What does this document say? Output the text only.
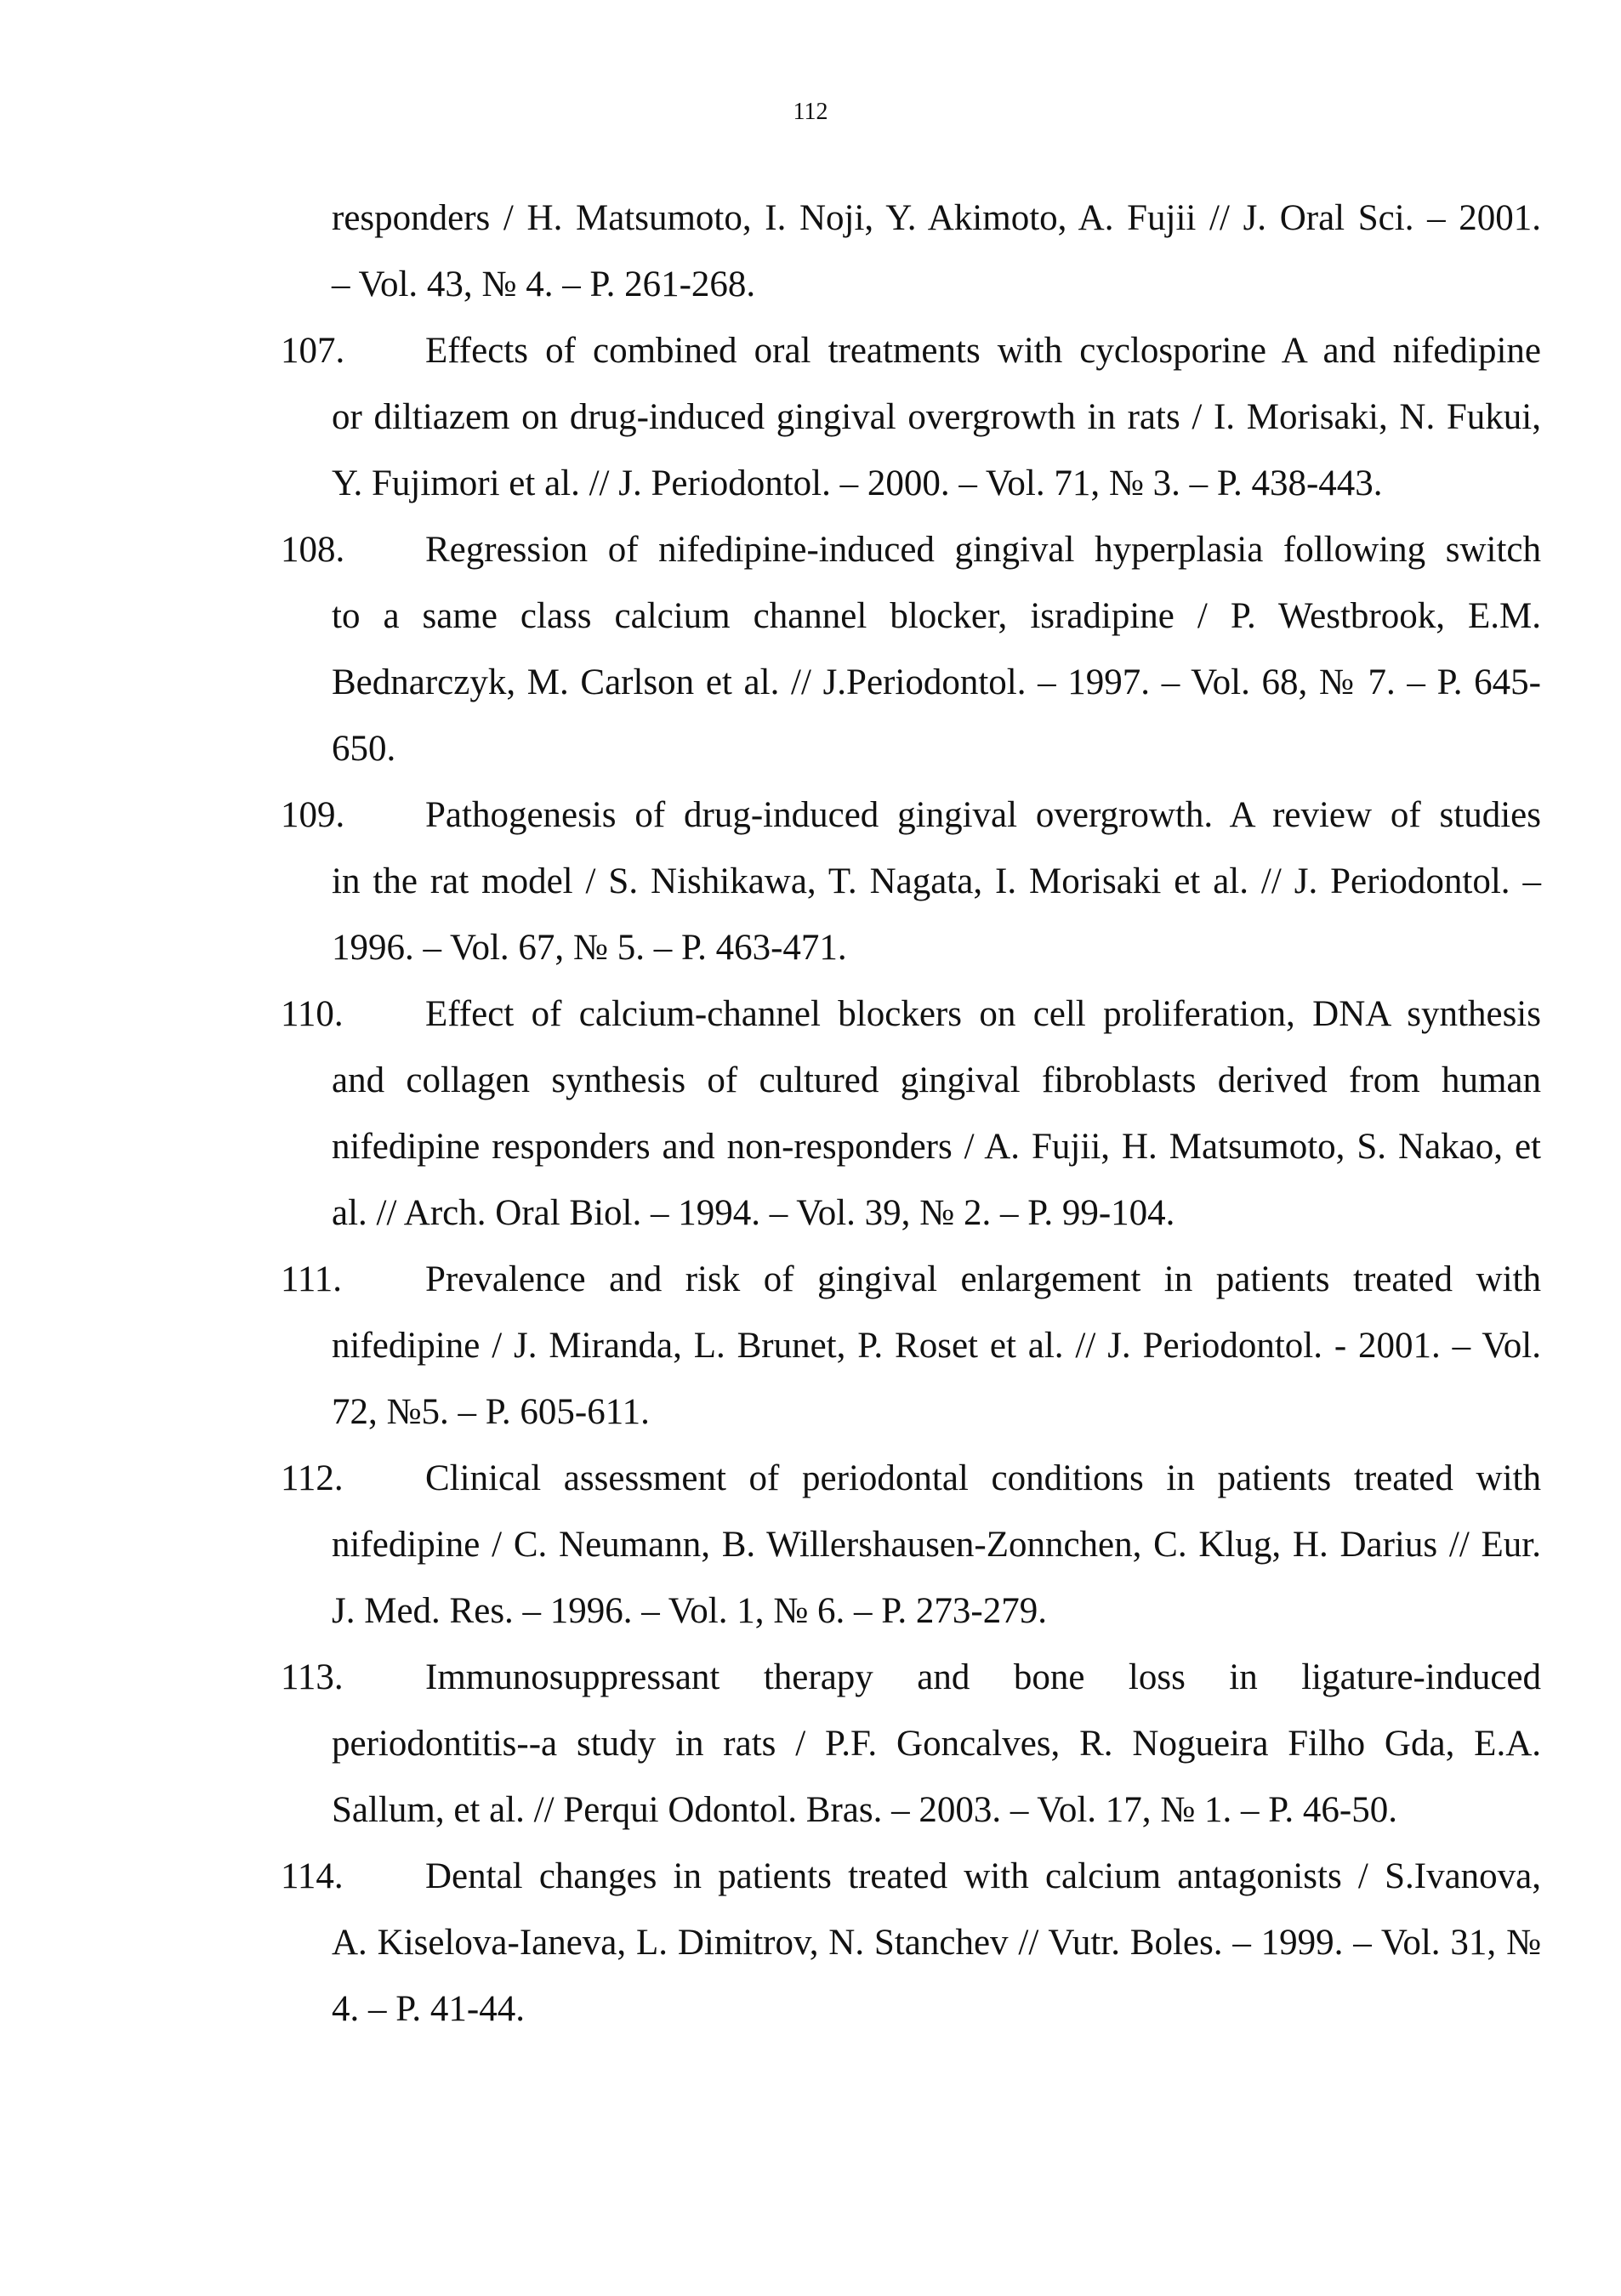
112
responders / H. Matsumoto, I. Noji, Y. Akimoto, A. Fujii // J. Oral Sci. – 2001.
– Vol. 43, № 4. – P. 261-268.
107.	Effects of combined oral treatments with cyclosporine A and nifedipine
or diltiazem on drug-induced gingival overgrowth in rats / I. Morisaki, N. Fukui, Y. Fujimori et al. // J. Periodontol. – 2000. – Vol. 71, № 3. – P. 438-443.
108.	Regression of nifedipine-induced gingival hyperplasia following switch
to a same class calcium channel blocker, isradipine / P. Westbrook, E.M. Bednarczyk, M. Carlson et al. // J.Periodontol. – 1997. – Vol. 68, № 7. – P. 645-650.
109.	Pathogenesis of drug-induced gingival overgrowth. A review of studies
in the rat model / S. Nishikawa, T. Nagata, I. Morisaki et al. // J. Periodontol. – 1996. – Vol. 67, № 5. – P. 463-471.
110.	Effect of calcium-channel blockers on cell proliferation, DNA synthesis
and collagen synthesis of cultured gingival fibroblasts derived from human nifedipine responders and non-responders / A. Fujii, H. Matsumoto, S. Nakao, et al. // Arch. Oral Biol. – 1994. – Vol. 39, № 2. – P. 99-104.
111.	Prevalence and risk of gingival enlargement in patients treated with
nifedipine / J. Miranda, L. Brunet, P. Roset et al. // J. Periodontol. - 2001. – Vol. 72, №5. – P. 605-611.
112.	Clinical assessment of periodontal conditions in patients treated with
nifedipine / C. Neumann, B. Willershausen-Zonnchen, C. Klug, H. Darius // Eur. J. Med. Res. – 1996. – Vol. 1, № 6. – P. 273-279.
113.	Immunosuppressant therapy and bone loss in ligature-induced
periodontitis--a study in rats / P.F. Goncalves, R. Nogueira Filho Gda, E.A. Sallum, et al. // Perqui Odontol. Bras. – 2003. – Vol. 17, № 1. – P. 46-50.
114.	Dental changes in patients treated with calcium antagonists / S.Ivanova,
A. Kiselova-Ianeva, L. Dimitrov, N. Stanchev // Vutr. Boles. – 1999. – Vol. 31, № 4. – P. 41-44.
